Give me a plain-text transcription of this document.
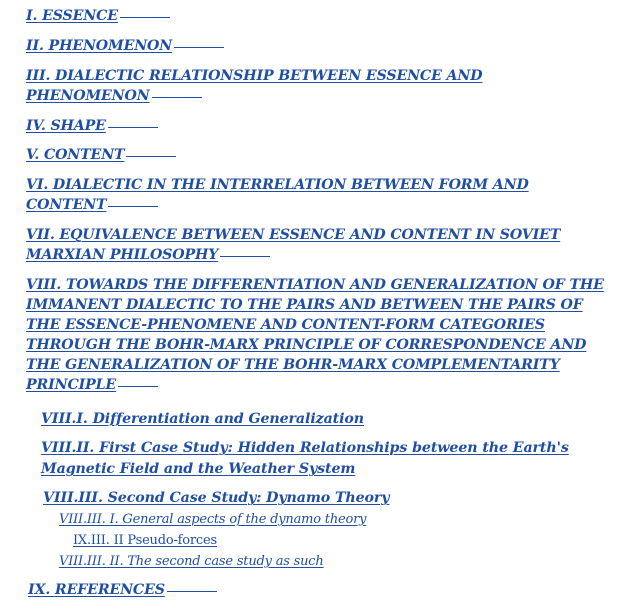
I. ESSENCE
II. PHENOMENON
III. DIALECTIC RELATIONSHIP BETWEEN ESSENCE AND PHENOMENON
IV. SHAPE
V. CONTENT
VI. DIALECTIC IN THE INTERRELATION BETWEEN FORM AND CONTENT
VII. EQUIVALENCE BETWEEN ESSENCE AND CONTENT IN SOVIET MARXIAN PHILOSOPHY
VIII. TOWARDS THE DIFFERENTIATION AND GENERALIZATION OF THE IMMANENT DIALECTIC TO THE PAIRS AND BETWEEN THE PAIRS OF THE ESSENCE-PHENOMENE AND CONTENT-FORM CATEGORIES THROUGH THE BOHR-MARX PRINCIPLE OF CORRESPONDENCE AND THE GENERALIZATION OF THE BOHR-MARX COMPLEMENTARITY PRINCIPLE
VIII.I. Differentiation and Generalization
VIII.II. First Case Study: Hidden Relationships between the Earth's Magnetic Field and the Weather System
VIII.III. Second Case Study: Dynamo Theory
VIII.III. I. General aspects of the dynamo theory
IX.III. II Pseudo-forces
VIII.III. II. The second case study as such
IX. REFERENCES
